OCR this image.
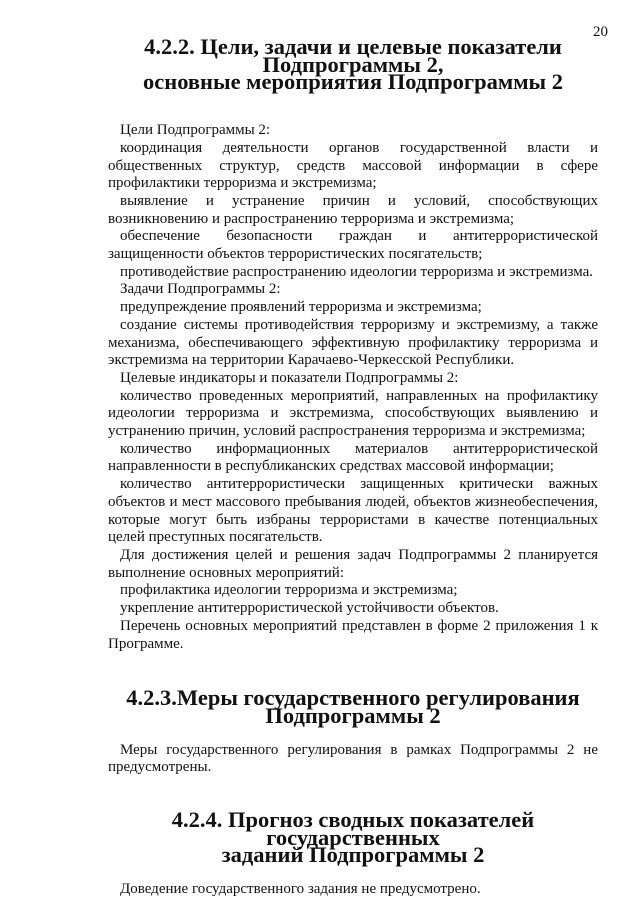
20
4.2.2. Цели, задачи и целевые показатели Подпрограммы 2,
основные мероприятия Подпрограммы 2

Цели Подпрограммы 2:

координация деятельности органов государственной власти и общественных структур, средств массовой информации в сфере профилактики терроризма и экстремизма;

выявление и устранение причин и условий, способствующих возникновению и распространению терроризма и экстремизма;

обеспечение безопасности граждан и антитеррористической защищенности объектов террористических посягательств;

противодействие распространению идеологии терроризма и экстремизма.

Задачи Подпрограммы 2:

предупреждение проявлений терроризма и экстремизма;

создание системы противодействия терроризму и экстремизму, а также механизма, обеспечивающего эффективную профилактику терроризма и экстремизма на территории Карачаево-Черкесской Республики.

Целевые индикаторы и показатели Подпрограммы 2:

количество проведенных мероприятий, направленных на профилактику идеологии терроризма и экстремизма, способствующих выявлению и устранению причин, условий распространения терроризма и экстремизма;

количество информационных материалов антитеррористической направленности в республиканских средствах массовой информации;

количество антитеррористически защищенных критически важных объектов и мест массового пребывания людей, объектов жизнеобеспечения, которые могут быть избраны террористами в качестве потенциальных целей преступных посягательств.

Для достижения целей и решения задач Подпрограммы 2 планируется выполнение основных мероприятий:

профилактика идеологии терроризма и экстремизма;

укрепление антитеррористической устойчивости объектов.

Перечень основных мероприятий представлен в форме 2 приложения 1 к Программе.

4.2.3.Меры государственного регулирования Подпрограммы 2

Меры государственного регулирования в рамках Подпрограммы 2 не предусмотрены.

4.2.4. Прогноз сводных показателей государственных
заданий Подпрограммы 2

Доведение государственного задания не предусмотрено.
